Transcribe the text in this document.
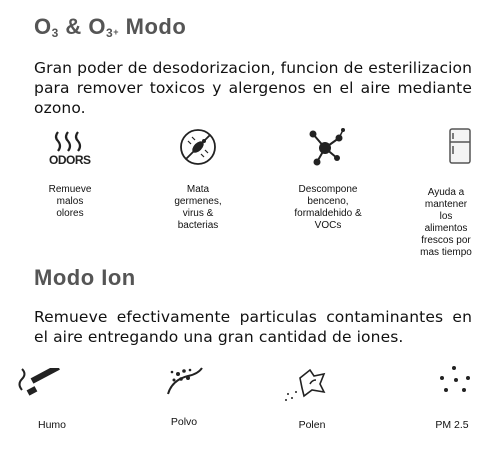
$O_3$ & $O_{3^+}$ Modo
Gran poder de desodorizacion, funcion de esterilizacion para remover toxicos y alergenos en el aire mediante ozono.
ODORS
Remueve malos olores
Mata germenes, virus & bacterias
Descompone benceno, formaldehido & VOCs
Ayuda a mantener los alimentos frescos por mas tiempo
Modo Ion
Remueve efectivamente particulas contaminantes en el aire entregando una gran cantidad de iones.
Humo	Polvo	Polen	PM 2.5
